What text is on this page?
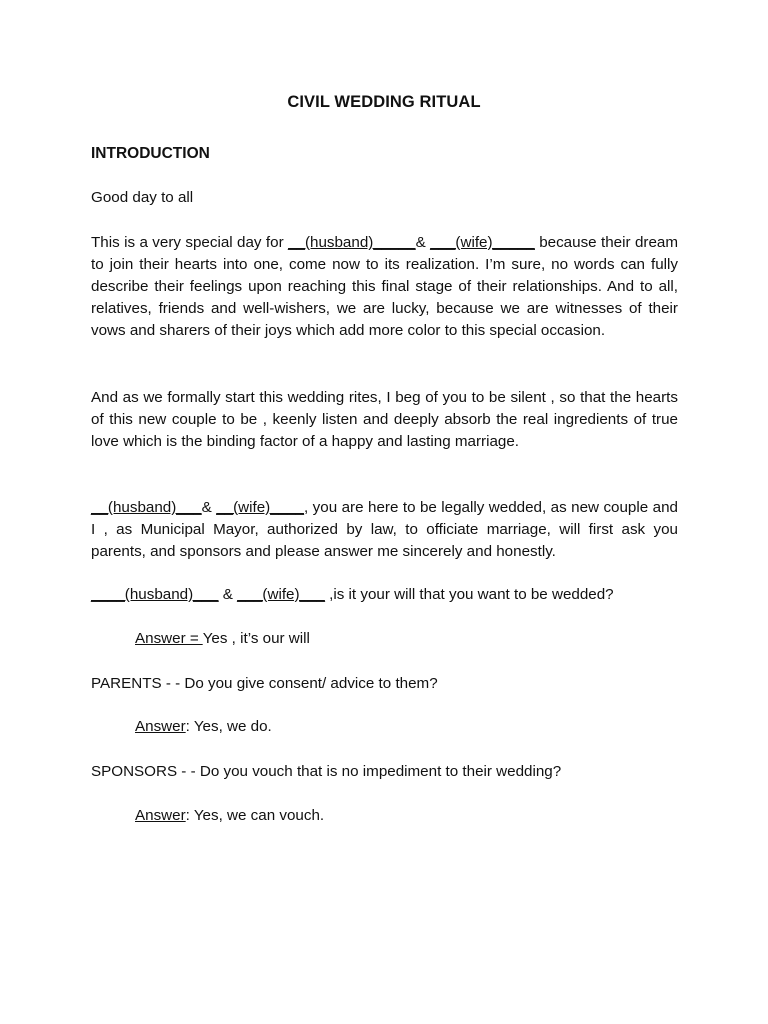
CIVIL WEDDING RITUAL
INTRODUCTION
Good day to all
This is a very special day for __(husband)_____& ___(wife)_____ because their dream to join their hearts into one, come now to its realization. I’m sure, no words can fully describe their feelings upon reaching this final stage of their relationships. And to all, relatives, friends and well-wishers, we are lucky, because we are witnesses of their vows and sharers of their joys which add more color to this special occasion.
And as we formally start this wedding rites, I beg of you to be silent , so that the hearts of this new couple to be , keenly listen and deeply absorb the real ingredients of true love which is the binding factor of a happy and lasting marriage.
__(husband)___& __(wife)____, you are here to be legally wedded, as new couple and I , as Municipal Mayor, authorized by law, to officiate marriage, will first ask you parents, and sponsors and please answer me sincerely and honestly.
____(husband)___ & ___(wife)___ ,is it your will that you want to be wedded?
Answer = Yes , it’s our will
PARENTS - - Do you give consent/ advice to them?
Answer: Yes, we do.
SPONSORS - - Do you vouch that is no impediment to their wedding?
Answer: Yes, we can vouch.
